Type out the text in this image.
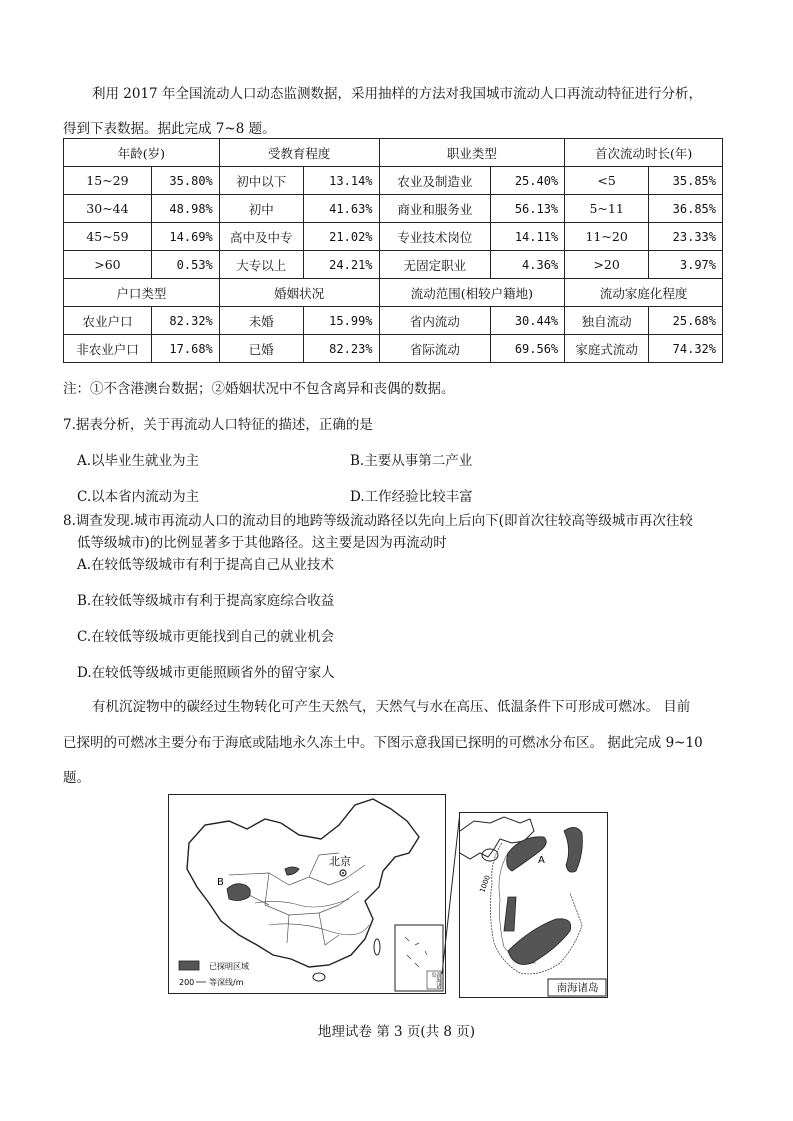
利用 2017 年全国流动人口动态监测数据，采用抽样的方法对我国城市流动人口再流动特征进行分析，
得到下表数据。据此完成 7~8 题。
年龄(岁)		受教育程度		职业类型		首次流动时长(年)	
15~29	35.80%	初中以下	13.14%	农业及制造业	25.40%	<5	35.85%
30~44	48.98%	初中	41.63%	商业和服务业	56.13%	5~11	36.85%
45~59	14.69%	高中及中专	21.02%	专业技术岗位	14.11%	11~20	23.33%
>60	0.53%	大专以上	24.21%	无固定职业	4.36%	>20	3.97%
户口类型		婚姻状况		流动范围(相较户籍地)		流动家庭化程度	
农业户口	82.32%	未婚	15.99%	省内流动	30.44%	独自流动	25.68%
非农业户口	17.68%	已婚	82.23%	省际流动	69.56%	家庭式流动	74.32%
注：①不含港澳台数据；②婚姻状况中不包含离异和丧偶的数据。
7.据表分析，关于再流动人口特征的描述，正确的是
A.以毕业生就业为主	B.主要从事第二产业
C.以本省内流动为主	D.工作经验比较丰富
8.调查发现.城市再流动人口的流动目的地跨等级流动路径以先向上后向下(即首次往较高等级城市再次往较
低等级城市)的比例显著多于其他路径。这主要是因为再流动时
A.在较低等级城市有利于提高自己从业技术
B.在较低等级城市有利于提高家庭综合收益
C.在较低等级城市更能找到自己的就业机会
D.在较低等级城市更能照顾省外的留守家人
有机沉淀物中的碳经过生物转化可产生天然气，天然气与水在高压、低温条件下可形成可燃冰。 目前
已探明的可燃冰主要分布于海底或陆地永久冻土中。下图示意我国已探明的可燃冰分布区。 据此完成 9~10
题。
B
北京
已探明区域
200 等深线/m	南海诸岛
A
1000
南海诸岛
地理试卷 第 3 页(共 8 页)
